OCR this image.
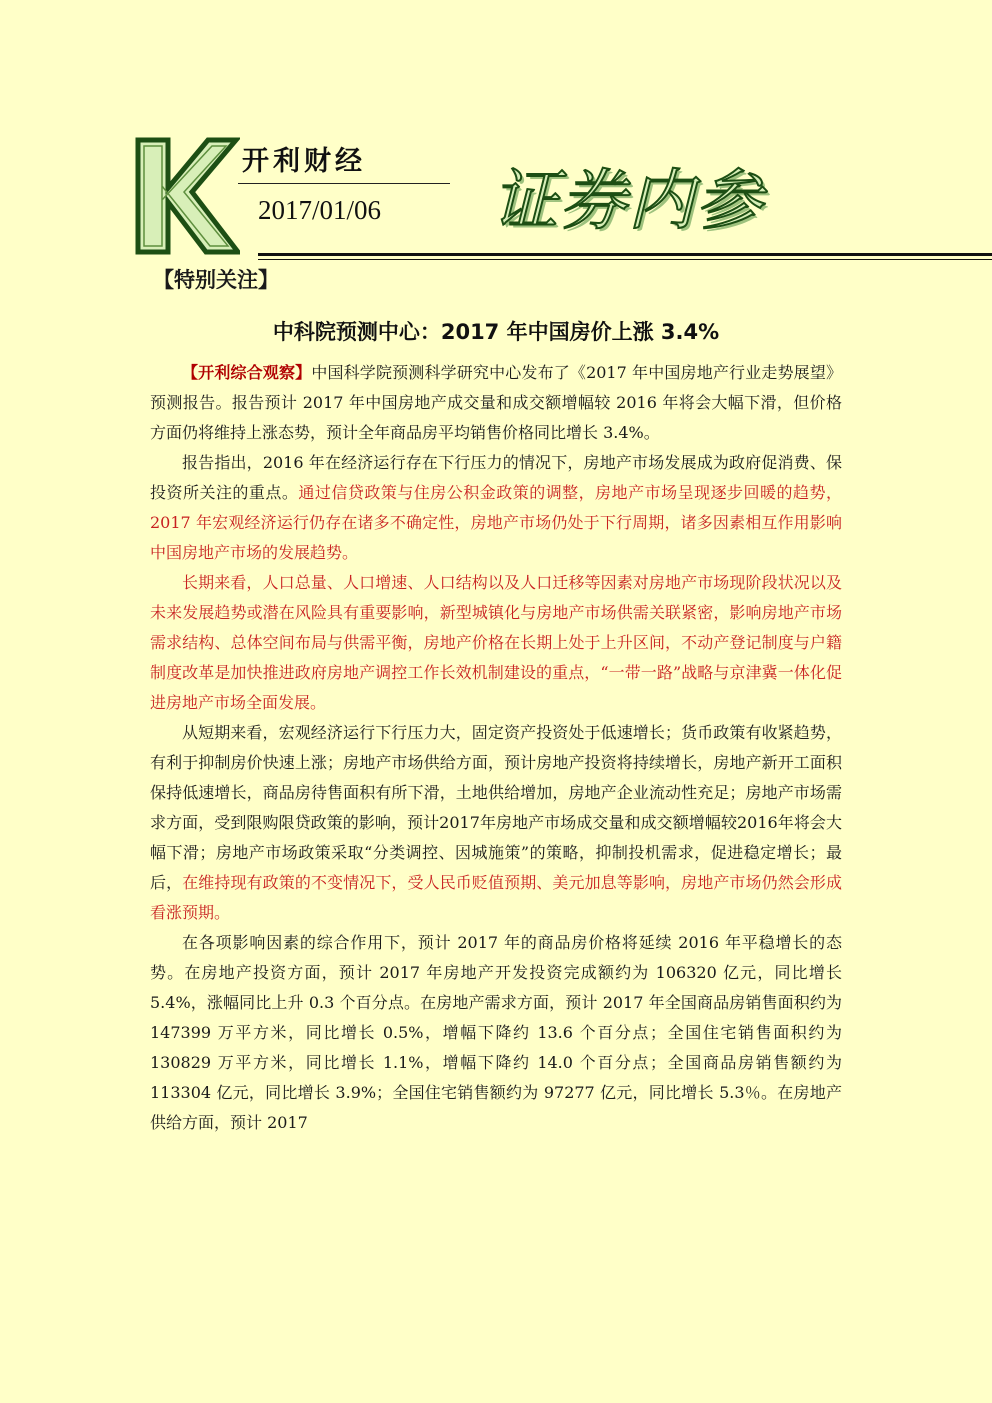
开利财经
2017/01/06 证券内参
【特别关注】
中科院预测中心：2017 年中国房价上涨 3.4%

【开利综合观察】中国科学院预测科学研究中心发布了《2017 年中国房地产行业走势展望》预测报告。报告预计 2017 年中国房地产成交量和成交额增幅较 2016 年将会大幅下滑，但价格方面仍将维持上涨态势，预计全年商品房平均销售价格同比增长 3.4%。

报告指出，2016 年在经济运行存在下行压力的情况下，房地产市场发展成为政府促消费、保投资所关注的重点。通过信贷政策与住房公积金政策的调整，房地产市场呈现逐步回暖的趋势，2017 年宏观经济运行仍存在诸多不确定性，房地产市场仍处于下行周期，诸多因素相互作用影响中国房地产市场的发展趋势。

长期来看，人口总量、人口增速、人口结构以及人口迁移等因素对房地产市场现阶段状况以及未来发展趋势或潜在风险具有重要影响，新型城镇化与房地产市场供需关联紧密，影响房地产市场需求结构、总体空间布局与供需平衡，房地产价格在长期上处于上升区间，不动产登记制度与户籍制度改革是加快推进政府房地产调控工作长效机制建设的重点，“一带一路”战略与京津冀一体化促进房地产市场全面发展。

从短期来看，宏观经济运行下行压力大，固定资产投资处于低速增长；货币政策有收紧趋势，有利于抑制房价快速上涨；房地产市场供给方面，预计房地产投资将持续增长，房地产新开工面积保持低速增长，商品房待售面积有所下滑，土地供给增加，房地产企业流动性充足；房地产市场需求方面，受到限购限贷政策的影响，预计2017年房地产市场成交量和成交额增幅较2016年将会大幅下滑；房地产市场政策采取“分类调控、因城施策”的策略，抑制投机需求，促进稳定增长；最后，在维持现有政策的不变情况下，受人民币贬值预期、美元加息等影响，房地产市场仍然会形成看涨预期。

在各项影响因素的综合作用下，预计 2017 年的商品房价格将延续 2016 年平稳增长的态势。在房地产投资方面，预计 2017 年房地产开发投资完成额约为 106320 亿元，同比增长 5.4%，涨幅同比上升 0.3 个百分点。在房地产需求方面，预计 2017 年全国商品房销售面积约为 147399 万平方米，同比增长 0.5%，增幅下降约 13.6 个百分点；全国住宅销售面积约为 130829 万平方米，同比增长 1.1%，增幅下降约 14.0 个百分点；全国商品房销售额约为 113304 亿元，同比增长 3.9%；全国住宅销售额约为 97277 亿元，同比增长 5.3％。在房地产供给方面，预计 2017
